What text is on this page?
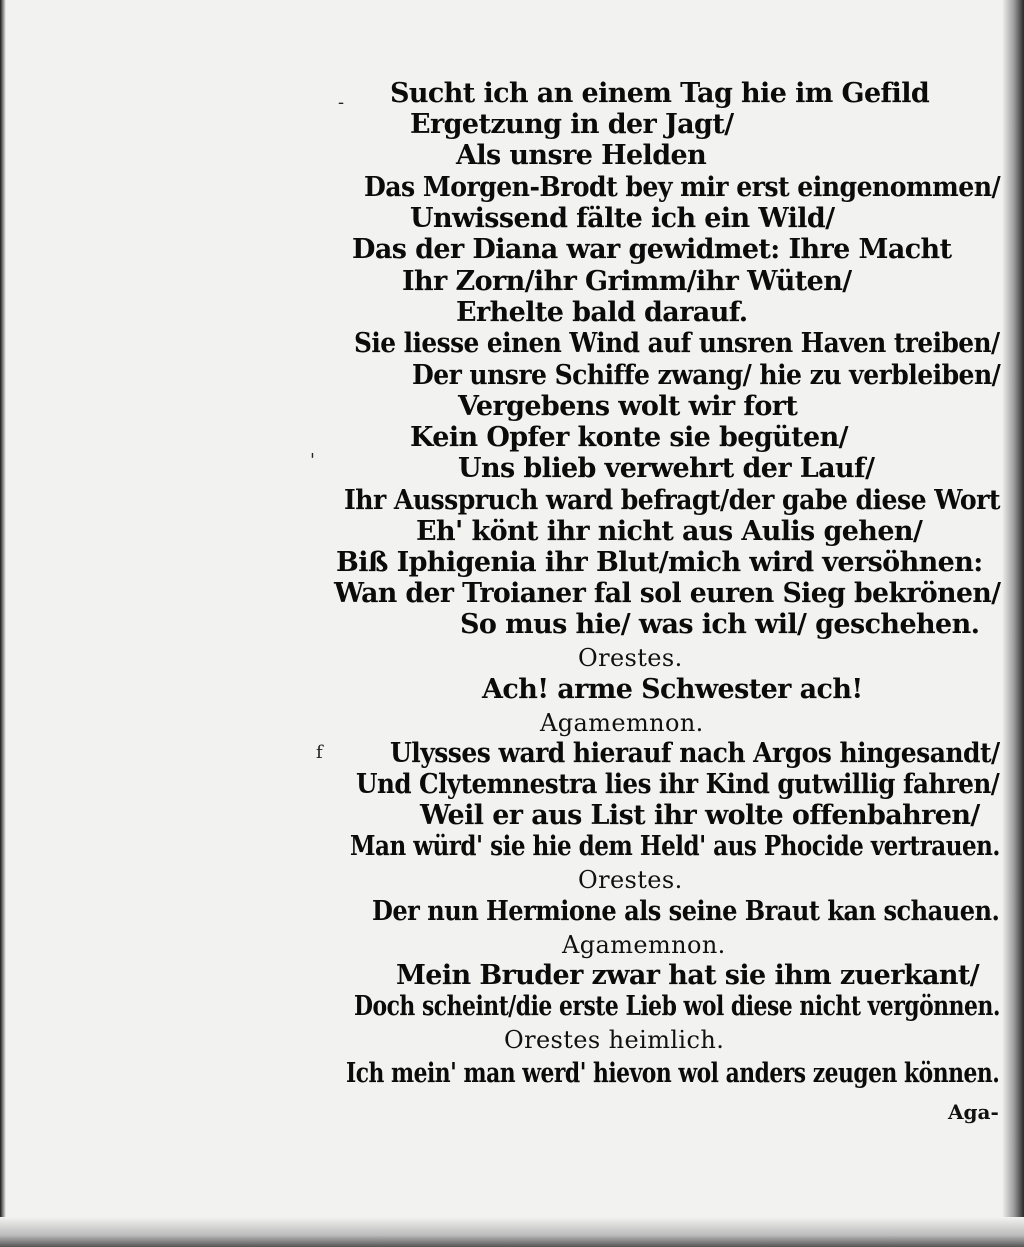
-

'

f

Sucht ich an einem Tag hie im Gefild

Ergetzung in der Jagt/

Als unsre Helden

Das Morgen-Brodt bey mir erst eingenommen/

Unwissend fälte ich ein Wild/

Das der Diana war gewidmet: Ihre Macht

Ihr Zorn/ihr Grimm/ihr Wüten/

Erhelte bald darauf.

Sie liesse einen Wind auf unsren Haven treiben/

Der unsre Schiffe zwang/ hie zu verbleiben/

Vergebens wolt wir fort

Kein Opfer konte sie begüten/

Uns blieb verwehrt der Lauf/

Ihr Ausspruch ward befragt/der gabe diese Wort

Eh' könt ihr nicht aus Aulis gehen/

Biß Iphigenia ihr Blut/mich wird versöhnen:

Wan der Troianer fal sol euren Sieg bekrönen/

So mus hie/ was ich wil/ geschehen.

Orestes.

Ach! arme Schwester ach!

Agamemnon.

Ulysses ward hierauf nach Argos hingesandt/

Und Clytemnestra lies ihr Kind gutwillig fahren/

Weil er aus List ihr wolte offenbahren/

Man würd' sie hie dem Held' aus Phocide vertrauen.

Orestes.

Der nun Hermione als seine Braut kan schauen.

Agamemnon.

Mein Bruder zwar hat sie ihm zuerkant/

Doch scheint/die erste Lieb wol diese nicht vergönnen.

Orestes heimlich.

Ich mein' man werd' hievon wol anders zeugen können.

Aga-
